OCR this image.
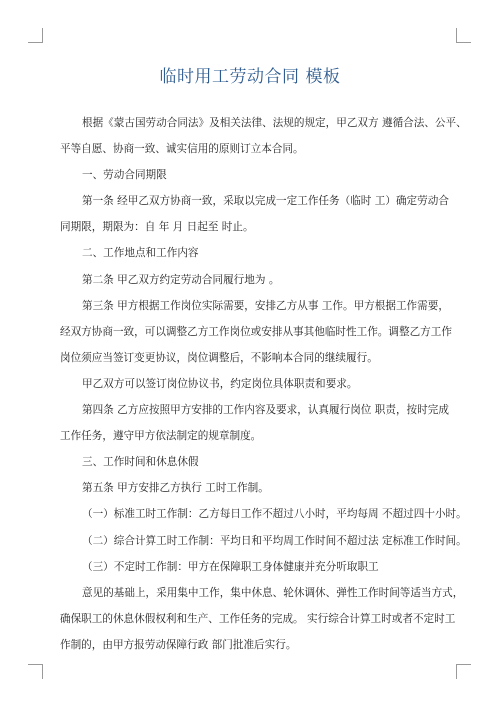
临时用工劳动合同 模板
根据《蒙古国劳动合同法》及相关法律、法规的规定，甲乙双方 遵循合法、公平、
平等自愿、协商一致、诚实信用的原则订立本合同。
一、劳动合同期限
第一条 经甲乙双方协商一致，采取以完成一定工作任务（临时 工）确定劳动合
同期限，期限为：自 年 月 日起至 时止。
二、工作地点和工作内容
第二条 甲乙双方约定劳动合同履行地为 。
第三条 甲方根据工作岗位实际需要，安排乙方从事 工作。甲方根据工作需要，
经双方协商一致，可以调整乙方工作岗位或安排从事其他临时性工作。调整乙方工作
岗位须应当签订变更协议，岗位调整后，不影响本合同的继续履行。
甲乙双方可以签订岗位协议书，约定岗位具体职责和要求。
第四条 乙方应按照甲方安排的工作内容及要求，认真履行岗位 职责，按时完成
工作任务，遵守甲方依法制定的规章制度。
三、工作时间和休息休假
第五条 甲方安排乙方执行 工时工作制。
（一）标准工时工作制：乙方每日工作不超过八小时，平均每周 不超过四十小时。
（二）综合计算工时工作制：平均日和平均周工作时间不超过法 定标准工作时间。
（三）不定时工作制：甲方在保障职工身体健康并充分听取职工
意见的基础上，采用集中工作，集中休息、轮休调休、弹性工作时间等适当方式，
确保职工的休息休假权利和生产、工作任务的完成。 实行综合计算工时或者不定时工
作制的，由甲方报劳动保障行政 部门批准后实行。
